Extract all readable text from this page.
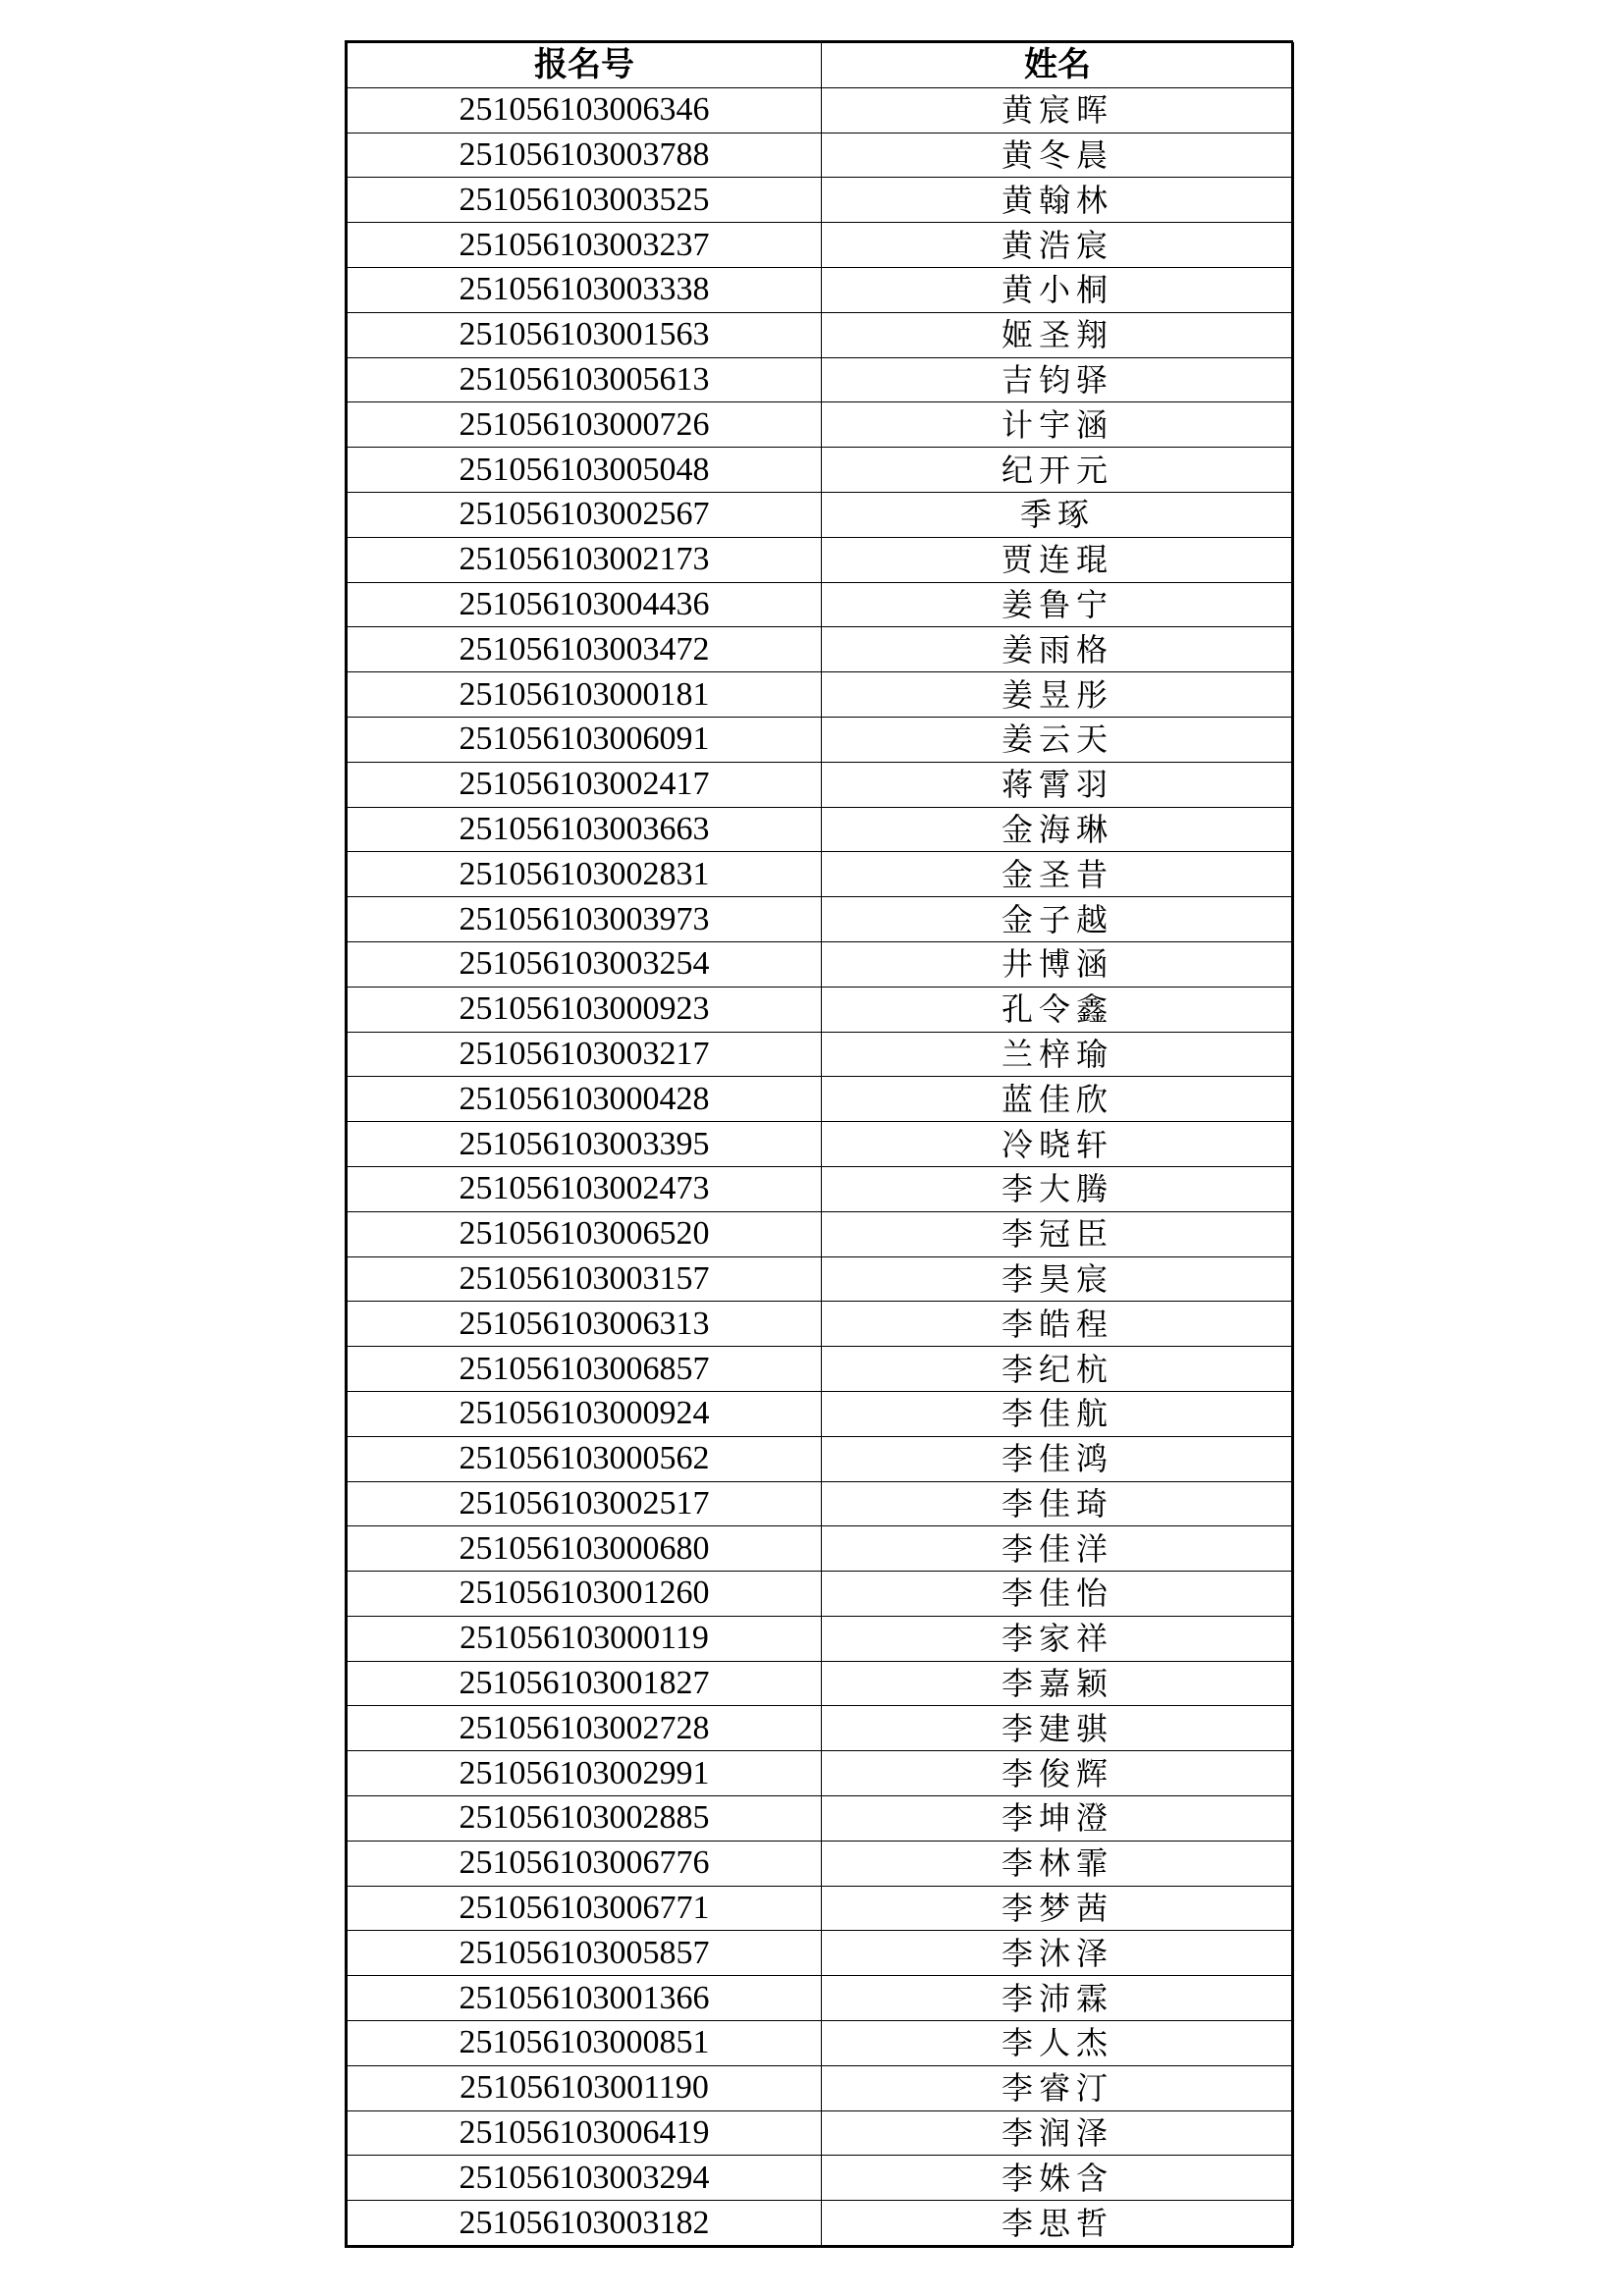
报名号	姓名
251056103006346	黄宸晖
251056103003788	黄冬晨
251056103003525	黄翰林
251056103003237	黄浩宸
251056103003338	黄小桐
251056103001563	姬圣翔
251056103005613	吉钧驿
251056103000726	计宇涵
251056103005048	纪开元
251056103002567	季琢
251056103002173	贾连琨
251056103004436	姜鲁宁
251056103003472	姜雨格
251056103000181	姜昱彤
251056103006091	姜云天
251056103002417	蒋霄羽
251056103003663	金海琳
251056103002831	金圣昔
251056103003973	金子越
251056103003254	井博涵
251056103000923	孔令鑫
251056103003217	兰梓瑜
251056103000428	蓝佳欣
251056103003395	冷晓轩
251056103002473	李大腾
251056103006520	李冠臣
251056103003157	李昊宸
251056103006313	李皓程
251056103006857	李纪杭
251056103000924	李佳航
251056103000562	李佳鸿
251056103002517	李佳琦
251056103000680	李佳洋
251056103001260	李佳怡
251056103000119	李家祥
251056103001827	李嘉颖
251056103002728	李建骐
251056103002991	李俊辉
251056103002885	李坤澄
251056103006776	李林霏
251056103006771	李梦茜
251056103005857	李沐泽
251056103001366	李沛霖
251056103000851	李人杰
251056103001190	李睿汀
251056103006419	李润泽
251056103003294	李姝含
251056103003182	李思哲
